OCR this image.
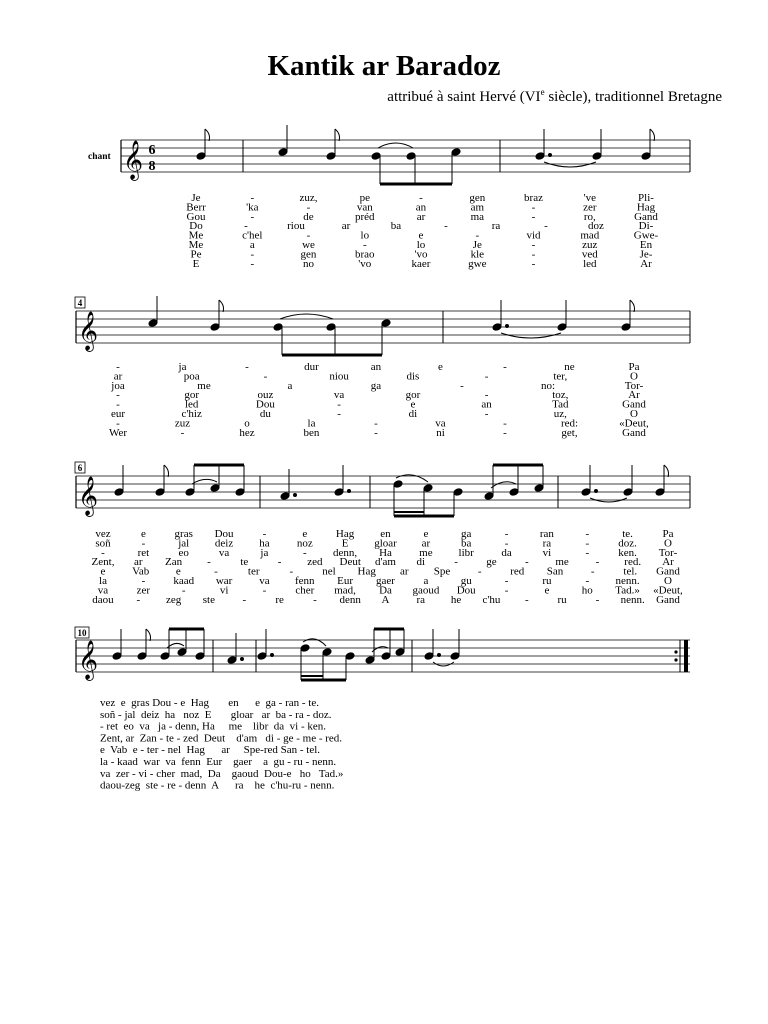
Kantik ar Baradoz
attribué à saint Hervé (VIe siècle), traditionnel Bretagne
chant 𝄞 6
8
Je	-	zuz,	pe	-	gen	braz	've	Pli-
Berr	'ka	-	van	an	am	-	zer	Hag
Gou	-	de	préd	ar	ma	-	ro,	Gand
Do	-	riou	ar	ba	-	ra	-	doz	Di-
Me	c'hel	-	lo	e	-	vid	mad	Gwe-
Me	a	we	-	lo	Je	-	zuz	En
Pe	-	gen	brao	'vo	kle	-	ved	Je-
E	-	no	'vo	kaer	gwe	-	led	Ar
4
𝄞
-	ja	-	dur	an	e	-	ne	Pa
ar	poa	-	niou	dis	-	ter,	O
joa	me	a	ga	-	no:	Tor-
-	gor	ouz	va	gor	-	toz,	Ar
-	led	Dou	-	e	an	Tad	Gand
eur	c'hiz	du	-	di	-	uz,	O
-	zuz	o	la	-	va	-	red:	«Deut,
Wer	-	hez	ben	-	ni	-	get,	Gand
6
𝄞
vez	e	gras Dou	-	e	Hag en	e	ga	-	ran	-	te.	Pa
soñ	-	jal deiz ha noz	E gloar ar	ba	-	ra	-	doz. O
-	ret	eo	va	ja	- denn, Ha me libr	da	vi	-	ken. Tor-
Zent, ar Zan -	te	- zed Deut d'am di	-	ge	- me - red. Ar
e Vab e	-	ter	-	nel Hag ar Spe	-	red San	-	tel. Gand
la	-	kaad war va fenn Eur gaer	a	gu	-	ru	- nenn. O
va	zer	-	vi	-	cher mad, Da gaoud Dou	-	e	ho Tad.» «Deut,
daou - zeg ste -	re	- denn A ra he c'hu -	ru	- nenn. Gand
10
𝄞
vez  e  gras Dou - e  Hag       en      e  ga - ran - te.
soñ - jal  deiz  ha   noz  E       gloar   ar  ba - ra - doz.
- ret  eo  va   ja - denn, Ha     me    libr  da  vi - ken.
Zent, ar  Zan - te - zed  Deut    d'am   di - ge - me - red.
e  Vab  e - ter - nel  Hag      ar     Spe-red San - tel.
la - kaad  war  va  fenn  Eur    gaer    a  gu - ru - nenn.
va  zer - vi - cher  mad,  Da    gaoud  Dou-e   ho   Tad.»
daou-zeg  ste - re - denn  A      ra    he  c'hu-ru - nenn.
